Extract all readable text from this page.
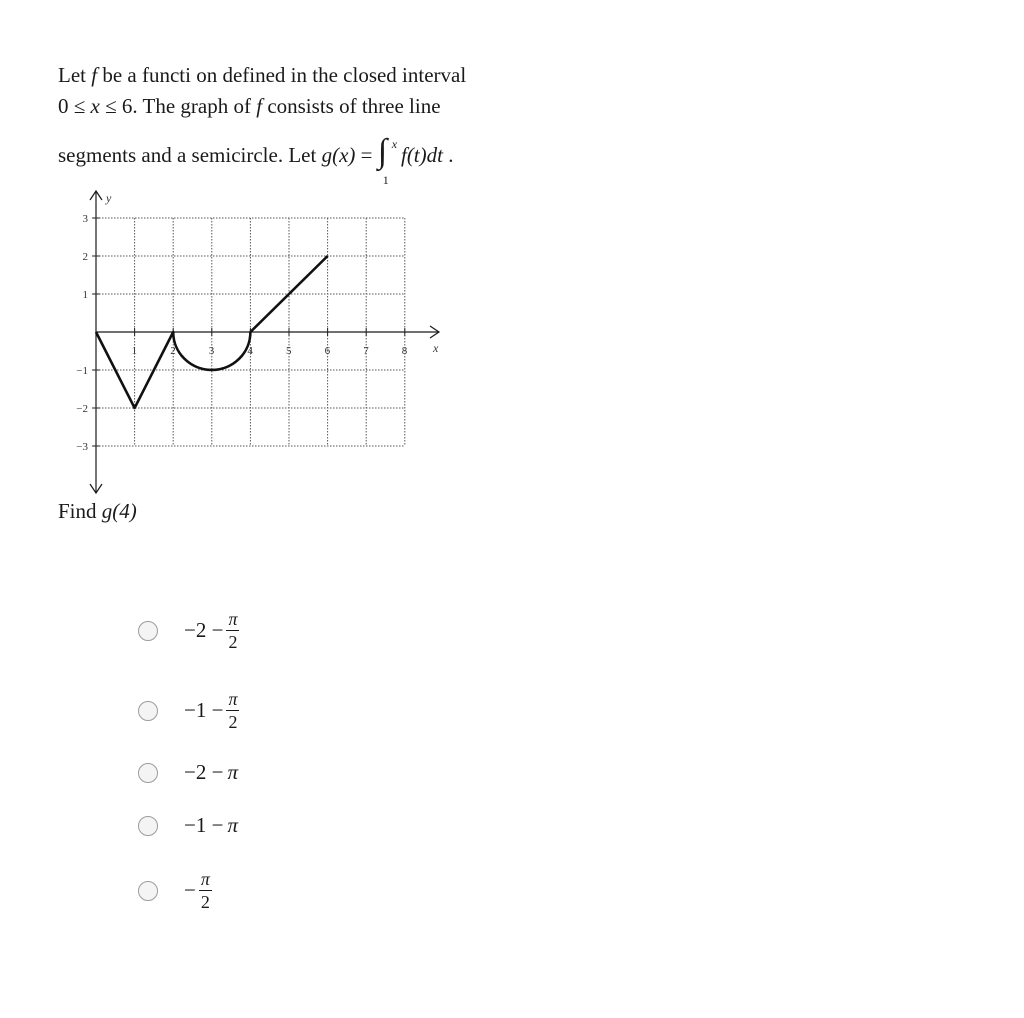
Let f be a functi on defined in the closed interval
0 ≤ x ≤ 6. The graph of f consists of three line
segments and a semicircle. Let g(x) = ∫ x
1
f(t)dt .
1	2	3	4	5	6	7	8
3
2
1
−1
−2
−3
x
y
Find g(4)
$-2 - \frac{\pi}{2}$
$-1 - \frac{\pi}{2}$
−2 − π
−1 − π
− $\frac{\pi}{2}$
